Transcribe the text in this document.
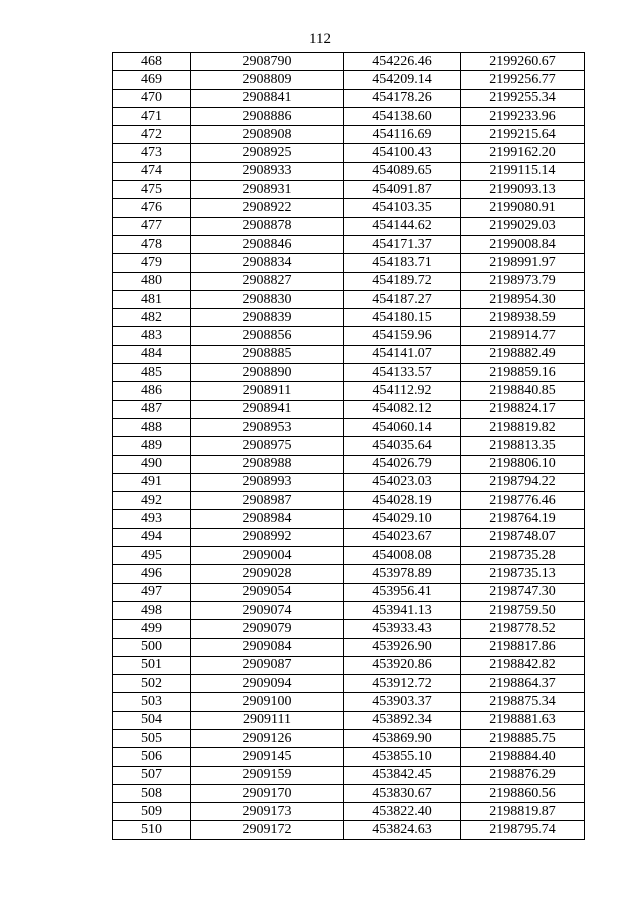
112
468	2908790	454226.46	2199260.67
469	2908809	454209.14	2199256.77
470	2908841	454178.26	2199255.34
471	2908886	454138.60	2199233.96
472	2908908	454116.69	2199215.64
473	2908925	454100.43	2199162.20
474	2908933	454089.65	2199115.14
475	2908931	454091.87	2199093.13
476	2908922	454103.35	2199080.91
477	2908878	454144.62	2199029.03
478	2908846	454171.37	2199008.84
479	2908834	454183.71	2198991.97
480	2908827	454189.72	2198973.79
481	2908830	454187.27	2198954.30
482	2908839	454180.15	2198938.59
483	2908856	454159.96	2198914.77
484	2908885	454141.07	2198882.49
485	2908890	454133.57	2198859.16
486	2908911	454112.92	2198840.85
487	2908941	454082.12	2198824.17
488	2908953	454060.14	2198819.82
489	2908975	454035.64	2198813.35
490	2908988	454026.79	2198806.10
491	2908993	454023.03	2198794.22
492	2908987	454028.19	2198776.46
493	2908984	454029.10	2198764.19
494	2908992	454023.67	2198748.07
495	2909004	454008.08	2198735.28
496	2909028	453978.89	2198735.13
497	2909054	453956.41	2198747.30
498	2909074	453941.13	2198759.50
499	2909079	453933.43	2198778.52
500	2909084	453926.90	2198817.86
501	2909087	453920.86	2198842.82
502	2909094	453912.72	2198864.37
503	2909100	453903.37	2198875.34
504	2909111	453892.34	2198881.63
505	2909126	453869.90	2198885.75
506	2909145	453855.10	2198884.40
507	2909159	453842.45	2198876.29
508	2909170	453830.67	2198860.56
509	2909173	453822.40	2198819.87
510	2909172	453824.63	2198795.74
